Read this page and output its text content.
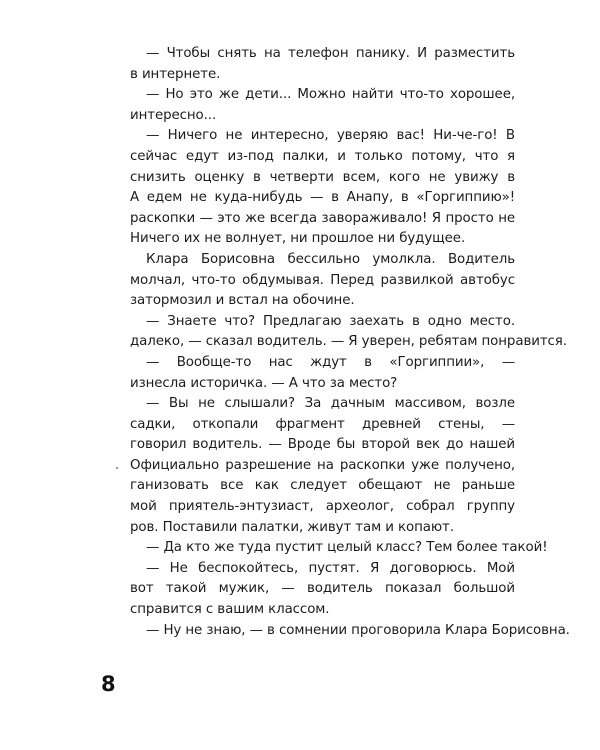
— Чтобы снять на телефон панику. И разместить
в интернете.
— Но это же дети... Можно найти что-то хорошее,
интересно...
— Ничего не интересно, уверяю вас! Ни-че-го! В
сейчас едут из-под палки, и только потому, что я
снизить оценку в четверти всем, кого не увижу в
А едем не куда-нибудь — в Анапу, в «Горгиппию»!
раскопки — это же всегда завораживало! Я просто не
Ничего их не волнует, ни прошлое ни будущее.
Клара Борисовна бессильно умолкла. Водитель
молчал, что-то обдумывая. Перед развилкой автобус
затормозил и встал на обочине.
— Знаете что? Предлагаю заехать в одно место.
далеко, — сказал водитель. — Я уверен, ребятам понравится.
— Вообще-то нас ждут в «Горгиппии», —
изнесла историчка. — А что за место?
— Вы не слышали? За дачным массивом, возле
садки, откопали фрагмент древней стены, —
говорил водитель. — Вроде бы второй век до нашей
Официально разрешение на раскопки уже получено,
ганизовать все как следует обещают не раньше
мой приятель-энтузиаст, археолог, собрал группу
ров. Поставили палатки, живут там и копают.
— Да кто же туда пустит целый класс? Тем более такой!
— Не беспокойтесь, пустят. Я договорюсь. Мой
вот такой мужик, — водитель показал большой
справится с вашим классом.
— Ну не знаю, — в сомнении проговорила Клара Борисовна.
8
